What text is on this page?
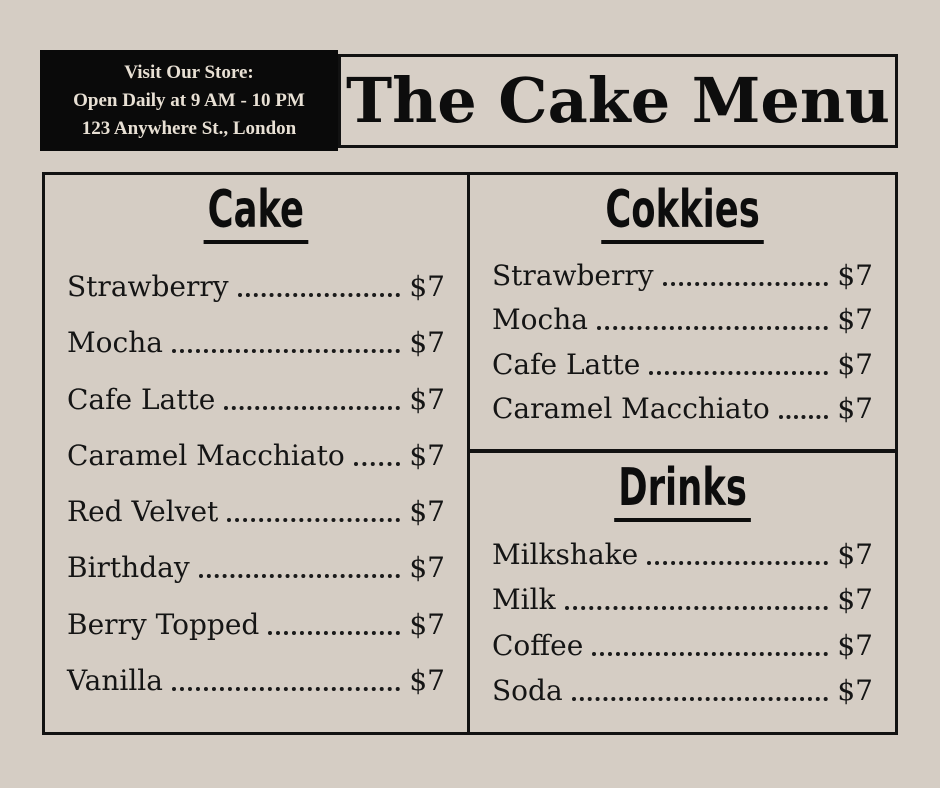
Visit Our Store:
Open Daily at 9 AM - 10 PM
123 Anywhere St., London The Cake Menu
Cake
Strawberry	$7
Mocha	$7
Cafe Latte	$7
Caramel Macchiato $7
Red Velvet	$7
Birthday	$7
Berry Topped	$7
Vanilla	$7
Cokkies
Strawberry	$7
Mocha	$7
Cafe Latte	$7
Caramel Macchiato $7
Drinks
Milkshake	$7
Milk	$7
Coffee	$7
Soda	$7
